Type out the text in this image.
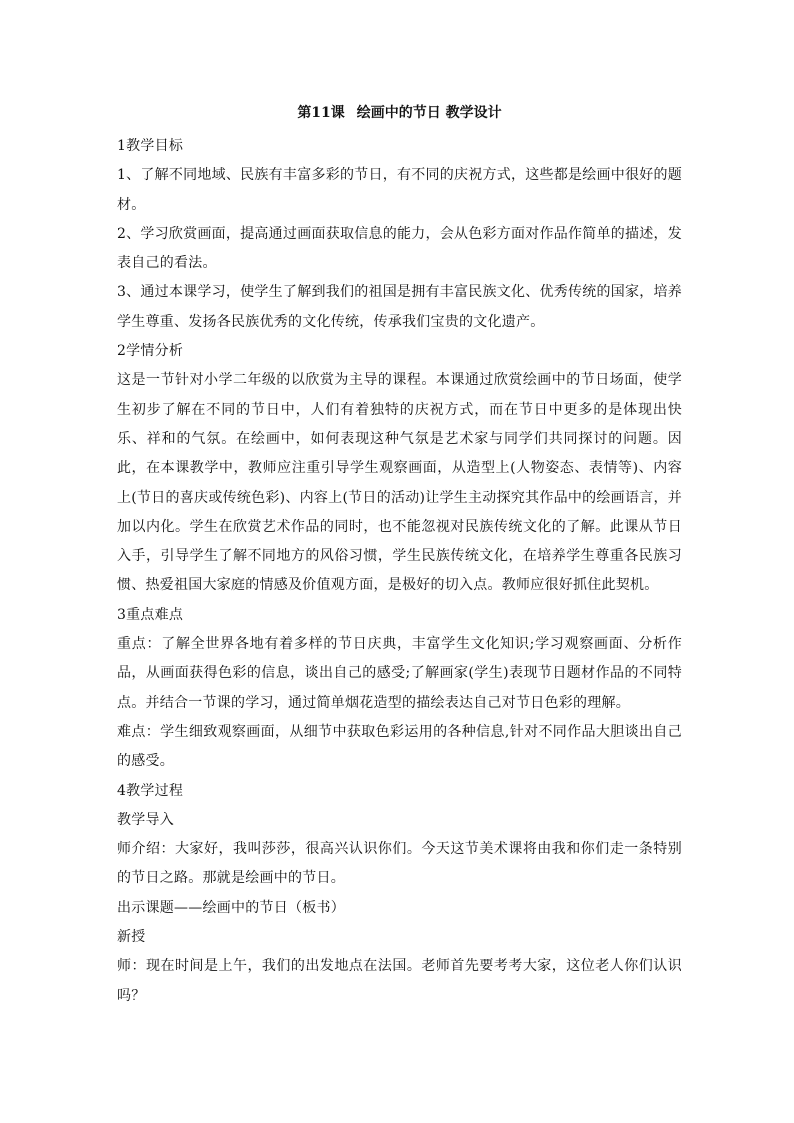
第11课 绘画中的节日 教学设计

1教学目标

1、了解不同地域、民族有丰富多彩的节日，有不同的庆祝方式，这些都是绘画中很好的题材。

2、学习欣赏画面，提高通过画面获取信息的能力，会从色彩方面对作品作简单的描述，发表自己的看法。

3、通过本课学习，使学生了解到我们的祖国是拥有丰富民族文化、优秀传统的国家，培养学生尊重、发扬各民族优秀的文化传统，传承我们宝贵的文化遗产。

2学情分析

这是一节针对小学二年级的以欣赏为主导的课程。本课通过欣赏绘画中的节日场面，使学生初步了解在不同的节日中，人们有着独特的庆祝方式，而在节日中更多的是体现出快乐、祥和的气氛。在绘画中，如何表现这种气氛是艺术家与同学们共同探讨的问题。因此，在本课教学中，教师应注重引导学生观察画面，从造型上(人物姿态、表情等)、内容上(节日的喜庆或传统色彩)、内容上(节日的活动)让学生主动探究其作品中的绘画语言，并加以内化。学生在欣赏艺术作品的同时，也不能忽视对民族传统文化的了解。此课从节日入手，引导学生了解不同地方的风俗习惯，学生民族传统文化，在培养学生尊重各民族习惯、热爱祖国大家庭的情感及价值观方面，是极好的切入点。教师应很好抓住此契机。

3重点难点

重点：了解全世界各地有着多样的节日庆典，丰富学生文化知识;学习观察画面、分析作品，从画面获得色彩的信息，谈出自己的感受;了解画家(学生)表现节日题材作品的不同特点。并结合一节课的学习，通过简单烟花造型的描绘表达自己对节日色彩的理解。

难点：学生细致观察画面，从细节中获取色彩运用的各种信息,针对不同作品大胆谈出自己的感受。

4教学过程

教学导入

师介绍：大家好，我叫莎莎，很高兴认识你们。今天这节美术课将由我和你们走一条特别的节日之路。那就是绘画中的节日。

出示课题——绘画中的节日（板书）

新授

师：现在时间是上午，我们的出发地点在法国。老师首先要考考大家，这位老人你们认识吗？
